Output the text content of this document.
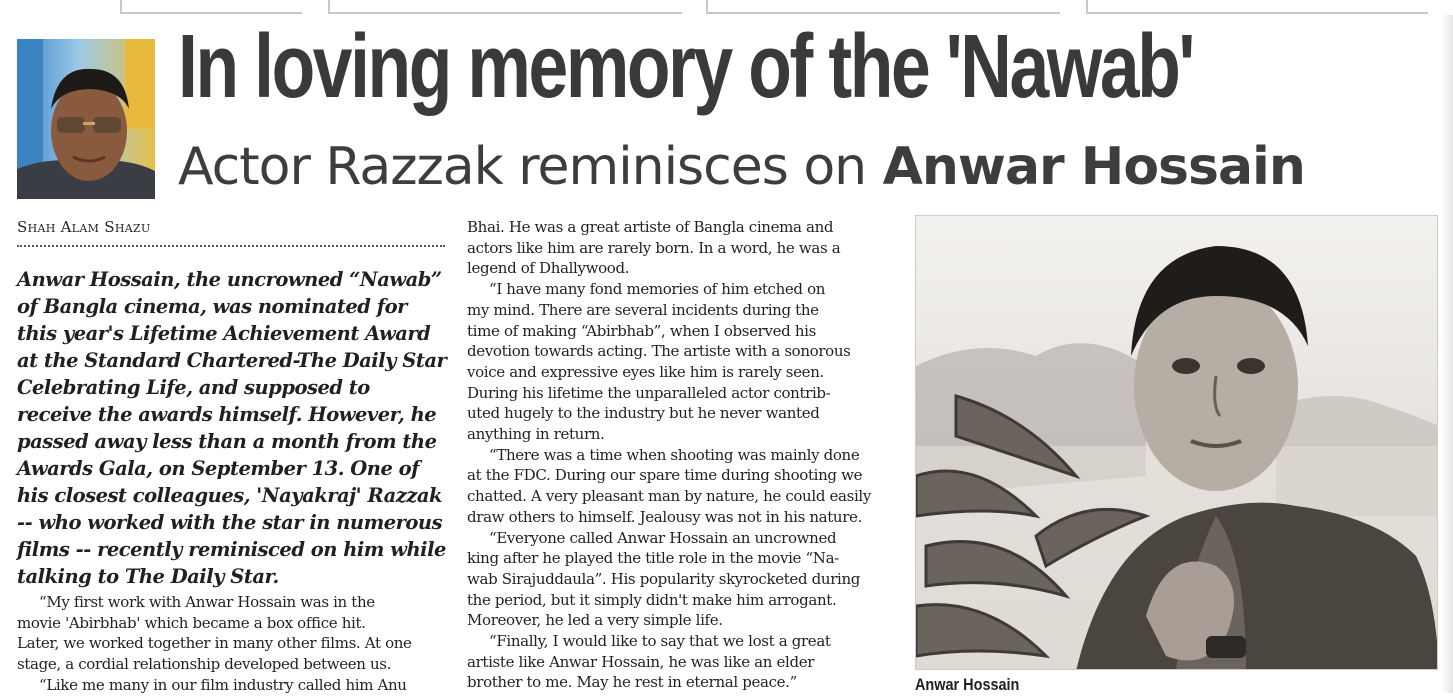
In loving memory of the 'Nawab'
Actor Razzak reminisces on Anwar Hossain
Shah Alam Shazu

Anwar Hossain, the uncrowned “Nawab” of Bangla cinema, was nominated for this year's Lifetime Achievement Award at the Standard Chartered-The Daily Star Celebrating Life, and supposed to receive the awards himself. However, he passed away less than a month from the Awards Gala, on September 13. One of his closest colleagues, 'Nayakraj' Razzak -- who worked with the star in numerous films -- recently reminisced on him while talking to The Daily Star.

“My first work with Anwar Hossain was in the

movie 'Abirbhab' which became a box office hit.

Later, we worked together in many other films. At one

stage, a cordial relationship developed between us.

“Like me many in our film industry called him Anu

Bhai. He was a great artiste of Bangla cinema and

actors like him are rarely born. In a word, he was a

legend of Dhallywood.

“I have many fond memories of him etched on

my mind. There are several incidents during the

time of making “Abirbhab”, when I observed his

devotion towards acting. The artiste with a sonorous

voice and expressive eyes like him is rarely seen.

During his lifetime the unparalleled actor contrib-

uted hugely to the industry but he never wanted

anything in return.

“There was a time when shooting was mainly done

at the FDC. During our spare time during shooting we

chatted. A very pleasant man by nature, he could easily

draw others to himself. Jealousy was not in his nature.

“Everyone called Anwar Hossain an uncrowned

king after he played the title role in the movie “Na-

wab Sirajuddaula”. His popularity skyrocketed during

the period, but it simply didn't make him arrogant.

Moreover, he led a very simple life.

“Finally, I would like to say that we lost a great

artiste like Anwar Hossain, he was like an elder

brother to me. May he rest in eternal peace.”	Anwar Hossain
